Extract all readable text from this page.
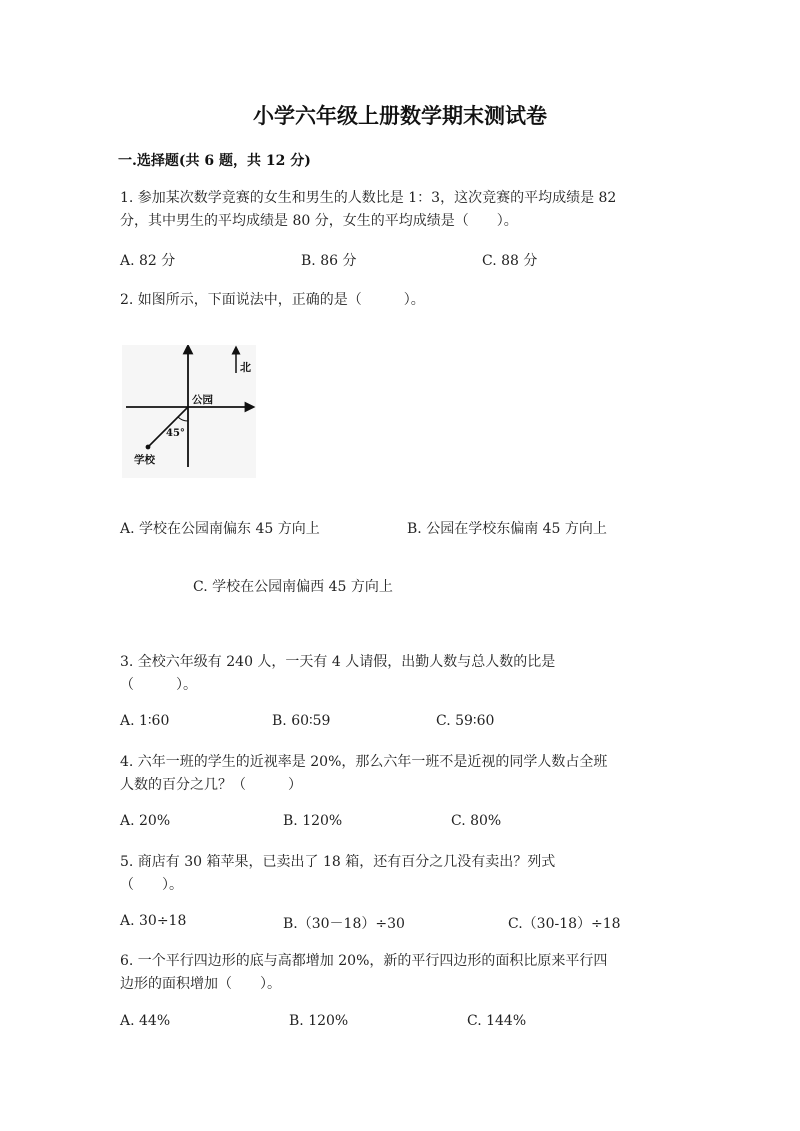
小学六年级上册数学期末测试卷
一.选择题(共 6 题，共 12 分)
1. 参加某次数学竞赛的女生和男生的人数比是 1：3，这次竞赛的平均成绩是 82
分，其中男生的平均成绩是 80 分，女生的平均成绩是（　　）。
A. 82 分	B. 86 分	C. 88 分
2. 如图所示，下面说法中，正确的是（　　　）。
北
公园
45°
学校
A. 学校在公园南偏东 45 方向上	B. 公园在学校东偏南 45 方向上
C. 学校在公园南偏西 45 方向上
3. 全校六年级有 240 人，一天有 4 人请假，出勤人数与总人数的比是
（　　　）。
A. 1∶60	B. 60∶59	C. 59∶60
4. 六年一班的学生的近视率是 20%，那么六年一班不是近视的同学人数占全班
人数的百分之几？（　　　）
A. 20%	B. 120%	C. 80%
5. 商店有 30 箱苹果，已卖出了 18 箱，还有百分之几没有卖出？列式
（　　）。
A. 30÷18	B.（30－18）÷30	C.（30-18）÷18
6. 一个平行四边形的底与高都增加 20%，新的平行四边形的面积比原来平行四
边形的面积增加（　　）。
A. 44%	B. 120%	C. 144%
